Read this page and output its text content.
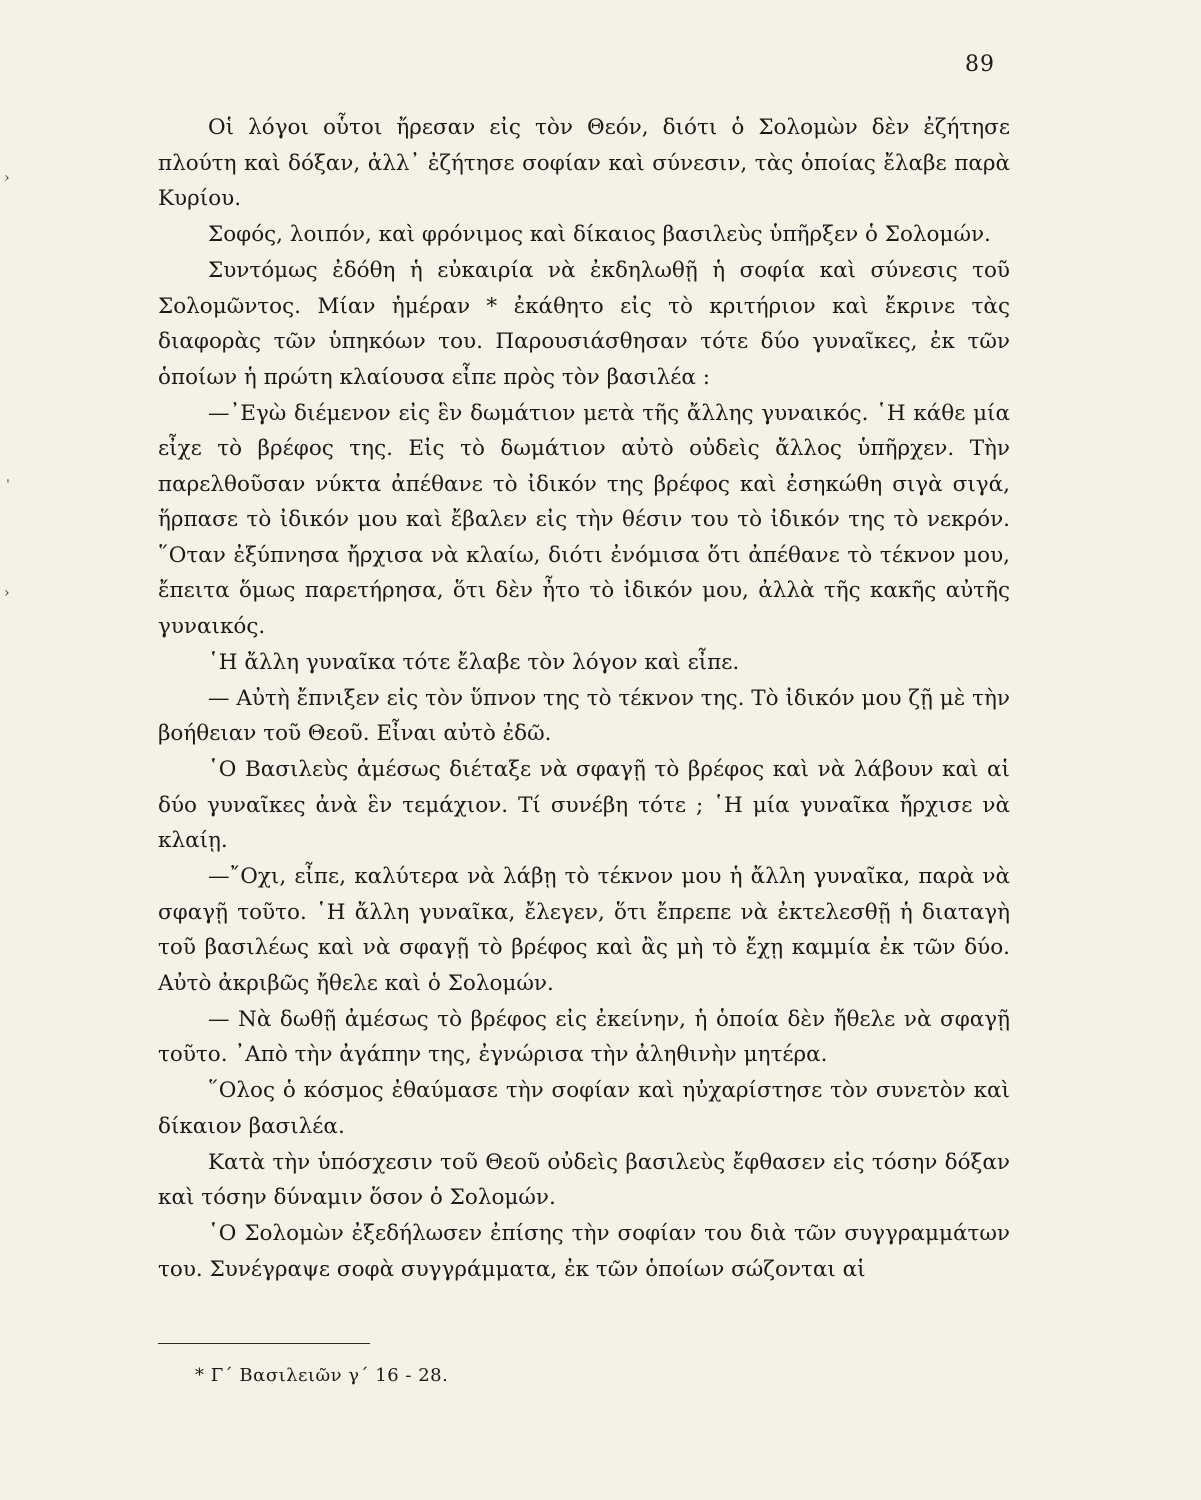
89

Οἱ λόγοι οὗτοι ἤρεσαν εἰς τὸν Θεόν, διότι ὁ Σολομὼν δὲν ἐζήτησε πλούτη καὶ δόξαν, ἀλλ᾽ ἐζήτησε σοφίαν καὶ σύνεσιν, τὰς ὁποίας ἔλαβε παρὰ Κυρίου.

Σοφός, λοιπόν, καὶ φρόνιμος καὶ δίκαιος βασιλεὺς ὑπῆρξεν ὁ Σολομών.

Συντόμως ἐδόθη ἡ εὐκαιρία νὰ ἐκδηλωθῇ ἡ σοφία καὶ σύνεσις τοῦ Σολομῶντος. Μίαν ἡμέραν * ἐκάθητο εἰς τὸ κριτήριον καὶ ἔκρινε τὰς διαφορὰς τῶν ὑπηκόων του. Παρουσιάσθησαν τότε δύο γυναῖκες, ἐκ τῶν ὁποίων ἡ πρώτη κλαίουσα εἶπε πρὸς τὸν βασιλέα :

—᾽Εγὼ διέμενον εἰς ἓν δωμάτιον μετὰ τῆς ἄλλης γυναικός. ῾Η κάθε μία εἶχε τὸ βρέφος της. Εἰς τὸ δωμάτιον αὐτὸ οὐδεὶς ἄλλος ὑπῆρχεν. Τὴν παρελθοῦσαν νύκτα ἀπέθανε τὸ ἰδικόν της βρέφος καὶ ἐσηκώθη σιγὰ σιγά, ἥρπασε τὸ ἰδικόν μου καὶ ἔβαλεν εἰς τὴν θέσιν του τὸ ἰδικόν της τὸ νεκρόν. ῞Οταν ἐξύπνησα ἤρχισα νὰ κλαίω, διότι ἐνόμισα ὅτι ἀπέθανε τὸ τέκνον μου, ἔπειτα ὅμως παρετήρησα, ὅτι δὲν ἦτο τὸ ἰδικόν μου, ἀλλὰ τῆς κακῆς αὐτῆς γυναικός.

῾Η ἄλλη γυναῖκα τότε ἔλαβε τὸν λόγον καὶ εἶπε.

— Αὐτὴ ἔπνιξεν εἰς τὸν ὕπνον της τὸ τέκνον της. Τὸ ἰδικόν μου ζῇ μὲ τὴν βοήθειαν τοῦ Θεοῦ. Εἶναι αὐτὸ ἐδῶ.

῾Ο Βασιλεὺς ἀμέσως διέταξε νὰ σφαγῇ τὸ βρέφος καὶ νὰ λάβουν καὶ αἱ δύο γυναῖκες ἀνὰ ἓν τεμάχιον. Τί συνέβη τότε ; ῾Η μία γυναῖκα ἤρχισε νὰ κλαίῃ.

—῎Οχι, εἶπε, καλύτερα νὰ λάβῃ τὸ τέκνον μου ἡ ἄλλη γυναῖκα, παρὰ νὰ σφαγῇ τοῦτο. ῾Η ἄλλη γυναῖκα, ἔλεγεν, ὅτι ἔπρεπε νὰ ἐκτελεσθῇ ἡ διαταγὴ τοῦ βασιλέως καὶ νὰ σφαγῇ τὸ βρέφος καὶ ἂς μὴ τὸ ἔχῃ καμμία ἐκ τῶν δύο. Αὐτὸ ἀκριβῶς ἤθελε καὶ ὁ Σολομών.

— Νὰ δωθῇ ἀμέσως τὸ βρέφος εἰς ἐκείνην, ἡ ὁποία δὲν ἤθελε νὰ σφαγῇ τοῦτο. ᾽Απὸ τὴν ἀγάπην της, ἐγνώρισα τὴν ἀληθινὴν μητέρα.

῞Ολος ὁ κόσμος ἐθαύμασε τὴν σοφίαν καὶ ηὐχαρίστησε τὸν συνετὸν καὶ δίκαιον βασιλέα.

Κατὰ τὴν ὑπόσχεσιν τοῦ Θεοῦ οὐδεὶς βασιλεὺς ἔφθασεν εἰς τόσην δόξαν καὶ τόσην δύναμιν ὅσον ὁ Σολομών.

῾Ο Σολομὼν ἐξεδήλωσεν ἐπίσης τὴν σοφίαν του διὰ τῶν συγγραμμάτων του. Συνέγραψε σοφὰ συγγράμματα, ἐκ τῶν ὁποίων σώζονται αἱ

* Γ´ Βασιλειῶν γ´ 16 - 28.
›
ˈ
›
